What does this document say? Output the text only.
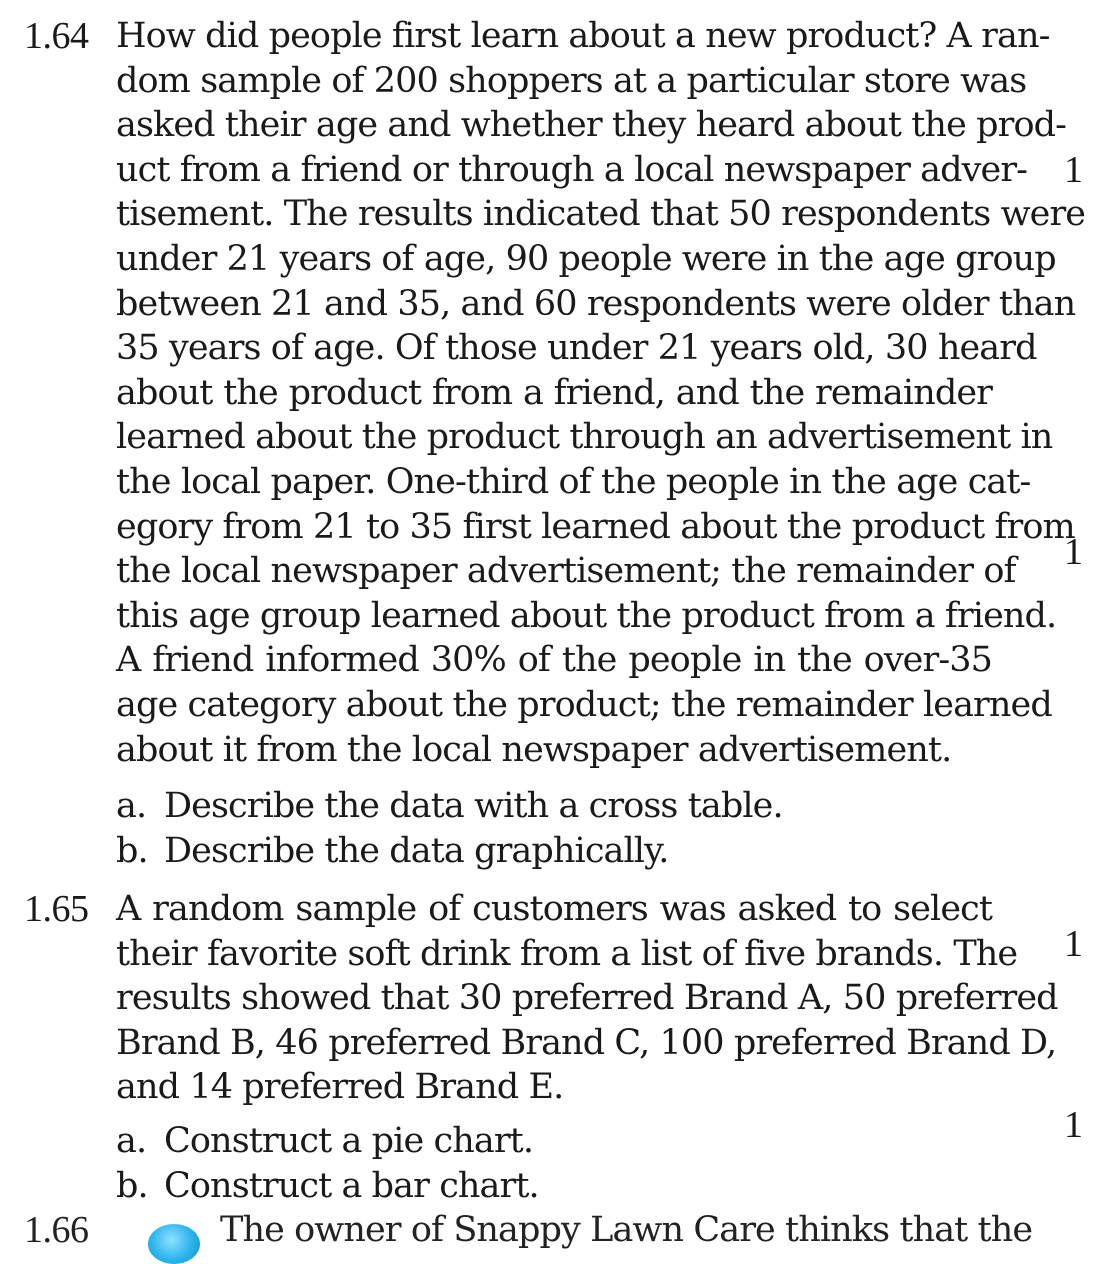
1.64 How did people first learn about a new product? A ran-
dom sample of 200 shoppers at a particular store was
asked their age and whether they heard about the prod-
uct from a friend or through a local newspaper adver-
tisement. The results indicated that 50 respondents were
under 21 years of age, 90 people were in the age group
between 21 and 35, and 60 respondents were older than
35 years of age. Of those under 21 years old, 30 heard
about the product from a friend, and the remainder
learned about the product through an advertisement in
the local paper. One-third of the people in the age cat-
egory from 21 to 35 first learned about the product from
the local newspaper advertisement; the remainder of
this age group learned about the product from a friend.
A friend informed 30% of the people in the over-35
age category about the product; the remainder learned
about it from the local newspaper advertisement.
a. Describe the data with a cross table.
b. Describe the data graphically.
1.65 A random sample of customers was asked to select
their favorite soft drink from a list of five brands. The
results showed that 30 preferred Brand A, 50 preferred
Brand B, 46 preferred Brand C, 100 preferred Brand D,
and 14 preferred Brand E.
a. Construct a pie chart.
b. Construct a bar chart.
1.66	The owner of Snappy Lawn Care thinks that the
1
1
1
1
